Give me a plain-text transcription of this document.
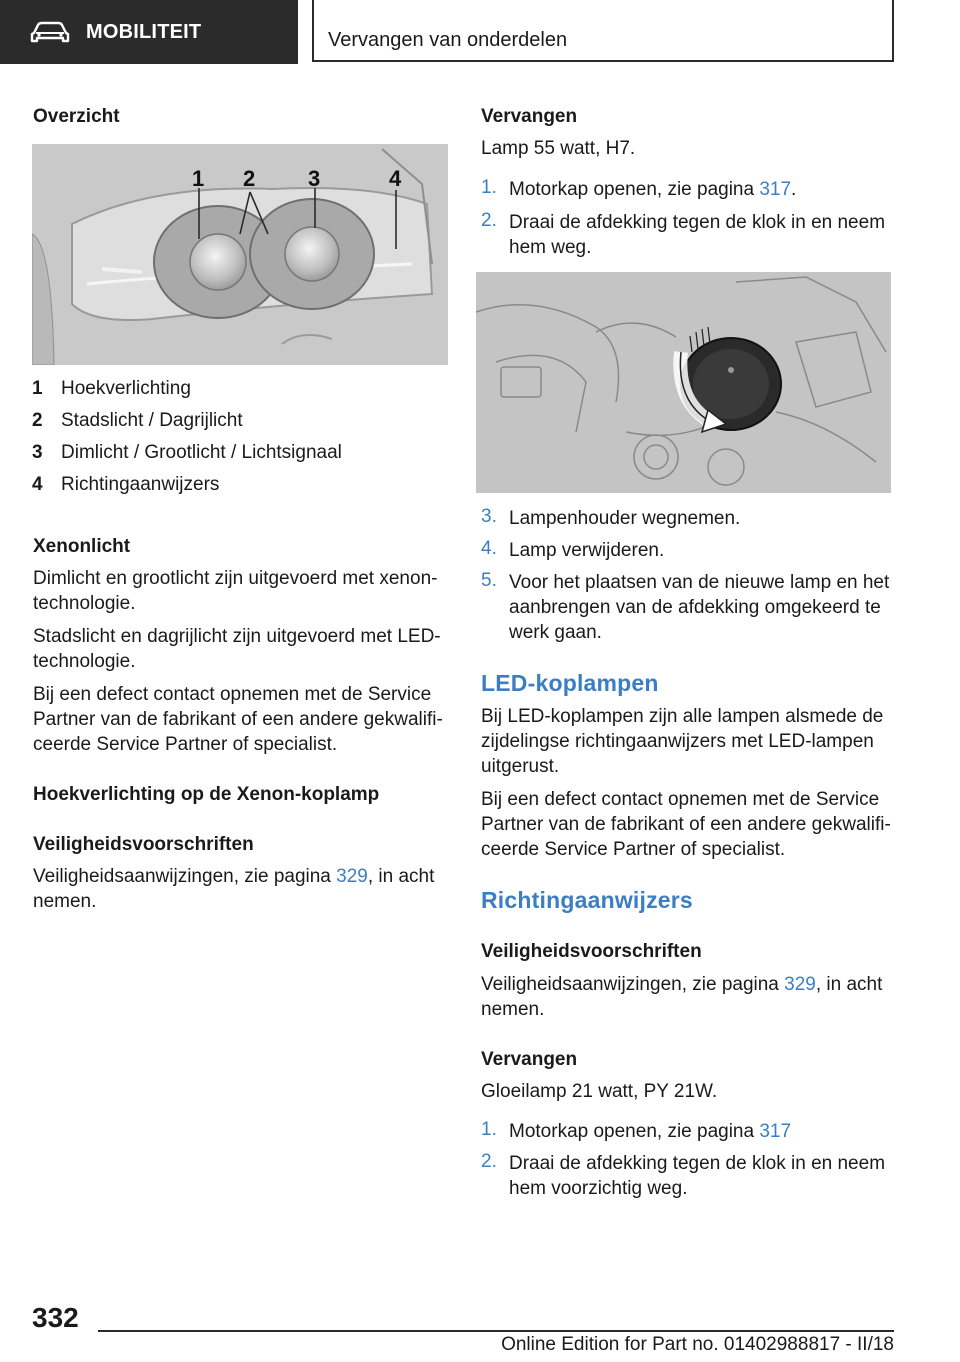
MOBILITEIT	Vervangen van onderdelen
Overzicht
1 2 3	4
1 Hoekverlichting
2 Stadslicht / Dagrijlicht
3 Dimlicht / Grootlicht / Lichtsignaal
4 Richtingaanwijzers
Xenonlicht
Dimlicht en grootlicht zijn uitgevoerd met xenon‐
technologie.
Stadslicht en dagrijlicht zijn uitgevoerd met LED‐
technologie.
Bij een defect contact opnemen met de Service
Partner van de fabrikant of een andere gekwalifi‐
ceerde Service Partner of specialist.
Hoekverlichting op de Xenon-koplamp
Veiligheidsvoorschriften
Veiligheidsaanwijzingen, zie pagina 329, in acht
nemen.
Vervangen
Lamp 55 watt, H7.
1. Motorkap openen, zie pagina 317.
2. Draai de afdekking tegen de klok in en neem
hem weg.
3. Lampenhouder wegnemen.
4. Lamp verwijderen.
5. Voor het plaatsen van de nieuwe lamp en het
aanbrengen van de afdekking omgekeerd te
werk gaan.
LED-koplampen
Bij LED-koplampen zijn alle lampen alsmede de
zijdelingse richtingaanwijzers met LED-lampen
uitgerust.
Bij een defect contact opnemen met de Service
Partner van de fabrikant of een andere gekwalifi‐
ceerde Service Partner of specialist.
Richtingaanwijzers
Veiligheidsvoorschriften
Veiligheidsaanwijzingen, zie pagina 329, in acht
nemen.
Vervangen
Gloeilamp 21 watt, PY 21W.
1. Motorkap openen, zie pagina 317
2. Draai de afdekking tegen de klok in en neem
hem voorzichtig weg.
332
Online Edition for Part no. 01402988817 - II/18
